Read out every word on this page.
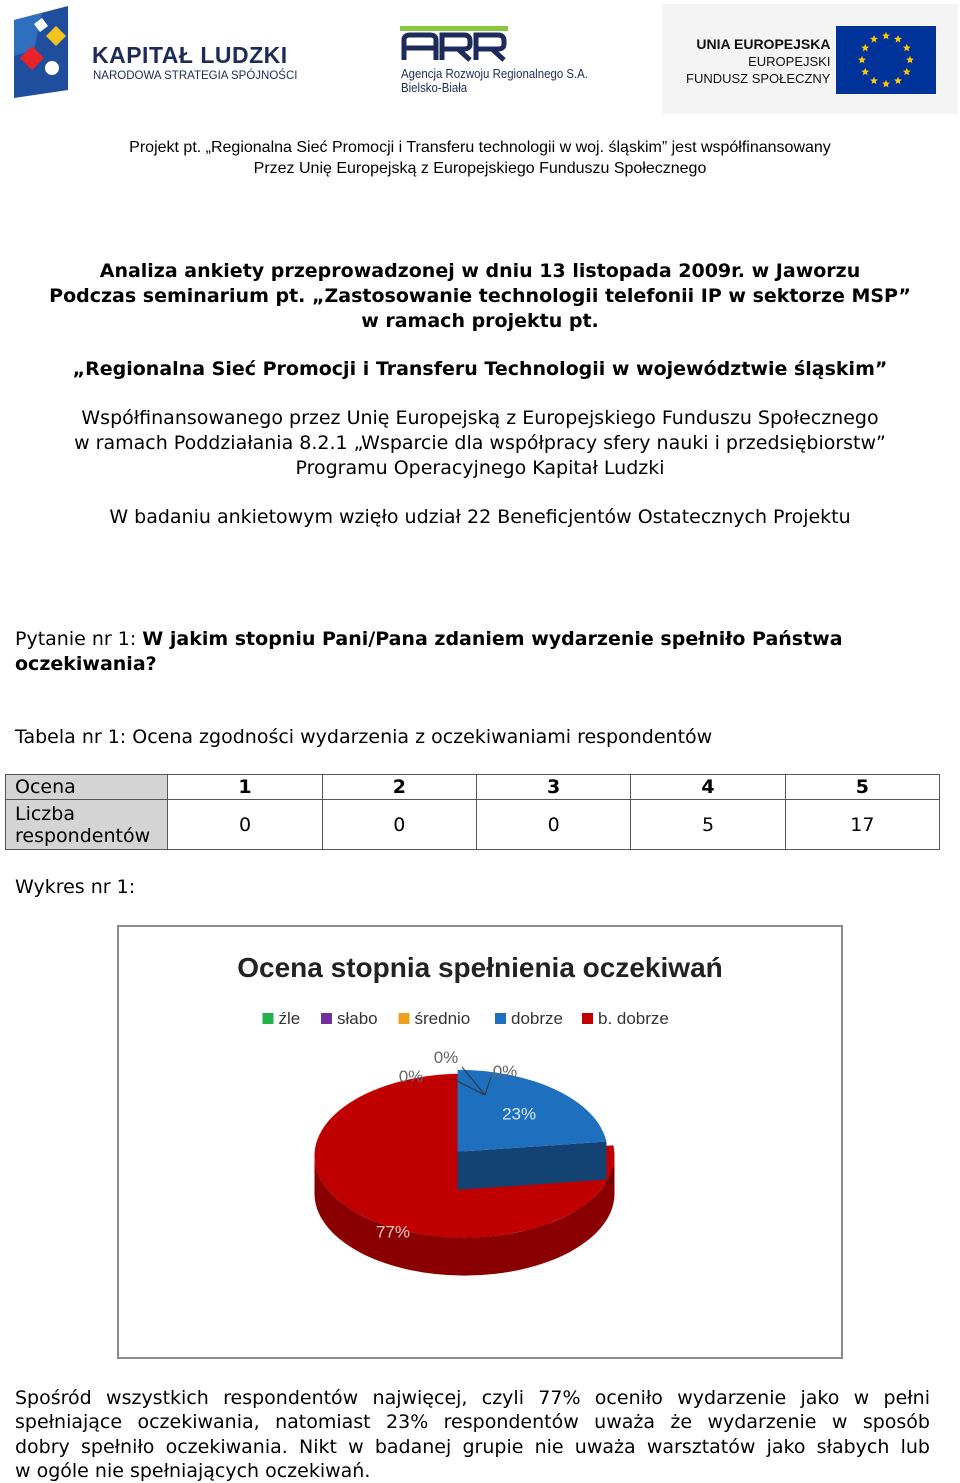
KAPITAŁ LUDZKI
NARODOWA STRATEGIA SPÓJNOŚCI	Agencja Rozwoju Regionalnego S.A.
Bielsko-Biała
UNIA EUROPEJSKA
EUROPEJSKI
FUNDUSZ SPOŁECZNY
Projekt pt. „Regionalna Sieć Promocji i Transferu technologii w woj. śląskim” jest współfinansowany
Przez Unię Europejską z Europejskiego Funduszu Społecznego
Analiza ankiety przeprowadzonej w dniu 13 listopada 2009r. w Jaworzu
Podczas seminarium pt. „Zastosowanie technologii telefonii IP w sektorze MSP”
w ramach projektu pt.
„Regionalna Sieć Promocji i Transferu Technologii w województwie śląskim”
Współfinansowanego przez Unię Europejską z Europejskiego Funduszu Społecznego
w ramach Poddziałania 8.2.1 „Wsparcie dla współpracy sfery nauki i przedsiębiorstw”
Programu Operacyjnego Kapitał Ludzki
W badaniu ankietowym wzięło udział 22 Beneficjentów Ostatecznych Projektu
Pytanie nr 1: W jakim stopniu Pani/Pana zdaniem wydarzenie spełniło Państwa
oczekiwania?
Tabela nr 1: Ocena zgodności wydarzenia z oczekiwaniami respondentów
Ocena	1	2	3	4	5

Liczba
respondentów	0	0	0	5	17
Wykres nr 1:
Ocena stopnia spełnienia oczekiwań
źle słabo średnio dobrze b. dobrze
0%
0%
0%
23%
77%
Spośród wszystkich respondentów najwięcej, czyli 77% oceniło wydarzenie jako w pełni
spełniające oczekiwania, natomiast 23% respondentów uważa że wydarzenie w sposób
dobry spełniło oczekiwania. Nikt w badanej grupie nie uważa warsztatów jako słabych lub
w ogóle nie spełniających oczekiwań.
